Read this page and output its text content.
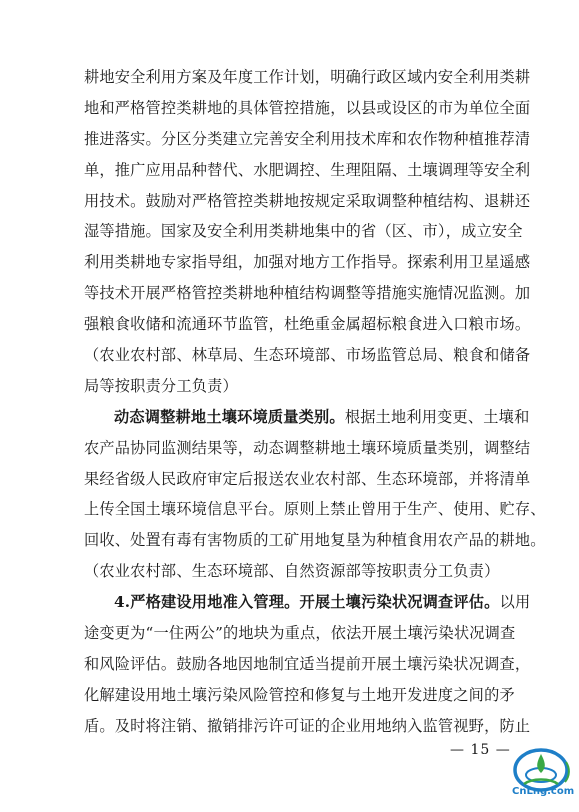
耕地安全利用方案及年度工作计划，明确行政区域内安全利用类耕
地和严格管控类耕地的具体管控措施，以县或设区的市为单位全面
推进落实。分区分类建立完善安全利用技术库和农作物种植推荐清
单，推广应用品种替代、水肥调控、生理阻隔、土壤调理等安全利
用技术。鼓励对严格管控类耕地按规定采取调整种植结构、退耕还
湿等措施。国家及安全利用类耕地集中的省（区、市），成立安全
利用类耕地专家指导组，加强对地方工作指导。探索利用卫星遥感
等技术开展严格管控类耕地种植结构调整等措施实施情况监测。加
强粮食收储和流通环节监管，杜绝重金属超标粮食进入口粮市场。
（农业农村部、林草局、生态环境部、市场监管总局、粮食和储备
局等按职责分工负责）
动态调整耕地土壤环境质量类别。根据土地利用变更、土壤和
农产品协同监测结果等，动态调整耕地土壤环境质量类别，调整结
果经省级人民政府审定后报送农业农村部、生态环境部，并将清单
上传全国土壤环境信息平台。原则上禁止曾用于生产、使用、贮存、
回收、处置有毒有害物质的工矿用地复垦为种植食用农产品的耕地。
（农业农村部、生态环境部、自然资源部等按职责分工负责）
4.严格建设用地准入管理。开展土壤污染状况调查评估。以用
途变更为“一住两公”的地块为重点，依法开展土壤污染状况调查
和风险评估。鼓励各地因地制宜适当提前开展土壤污染状况调查，
化解建设用地土壤污染风险管控和修复与土地开发进度之间的矛
盾。及时将注销、撤销排污许可证的企业用地纳入监管视野，防止
— 15 —
CnLng.com
